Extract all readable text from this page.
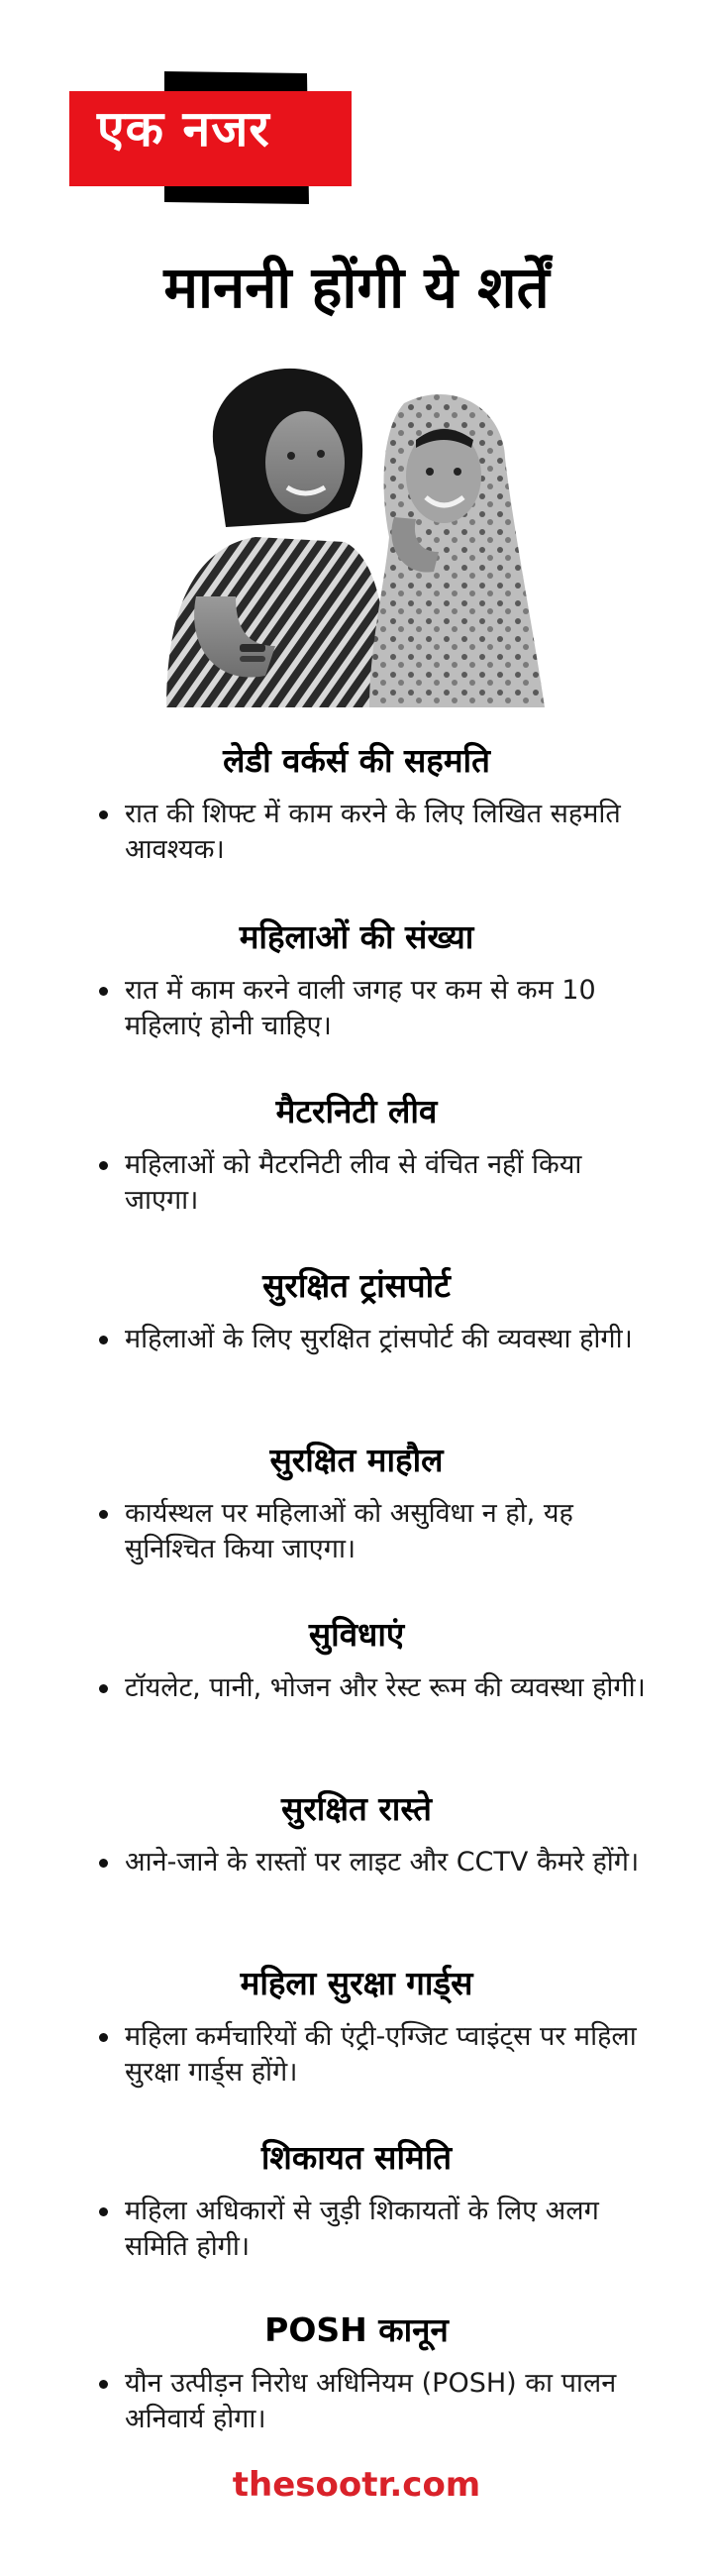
एक नजर
माननी होंगी ये शर्तें
लेडी वर्कर्स की सहमति
रात की शिफ्ट में काम करने के लिए लिखित सहमति आवश्यक।
महिलाओं की संख्या
रात में काम करने वाली जगह पर कम से कम 10 महिलाएं होनी चाहिए।
मैटरनिटी लीव
महिलाओं को मैटरनिटी लीव से वंचित नहीं किया जाएगा।
सुरक्षित ट्रांसपोर्ट
महिलाओं के लिए सुरक्षित ट्रांसपोर्ट की व्यवस्था होगी।
सुरक्षित माहौल
कार्यस्थल पर महिलाओं को असुविधा न हो, यह सुनिश्चित किया जाएगा।
सुविधाएं
टॉयलेट, पानी, भोजन और रेस्ट रूम की व्यवस्था होगी।
सुरक्षित रास्ते
आने-जाने के रास्तों पर लाइट और CCTV कैमरे होंगे।
महिला सुरक्षा गार्ड्स
महिला कर्मचारियों की एंट्री-एग्जिट प्वाइंट्स पर महिला सुरक्षा गार्ड्स होंगे।
शिकायत समिति
महिला अधिकारों से जुड़ी शिकायतों के लिए अलग समिति होगी।
POSH कानून
यौन उत्पीड़न निरोध अधिनियम (POSH) का पालन अनिवार्य होगा।
thesootr.com
